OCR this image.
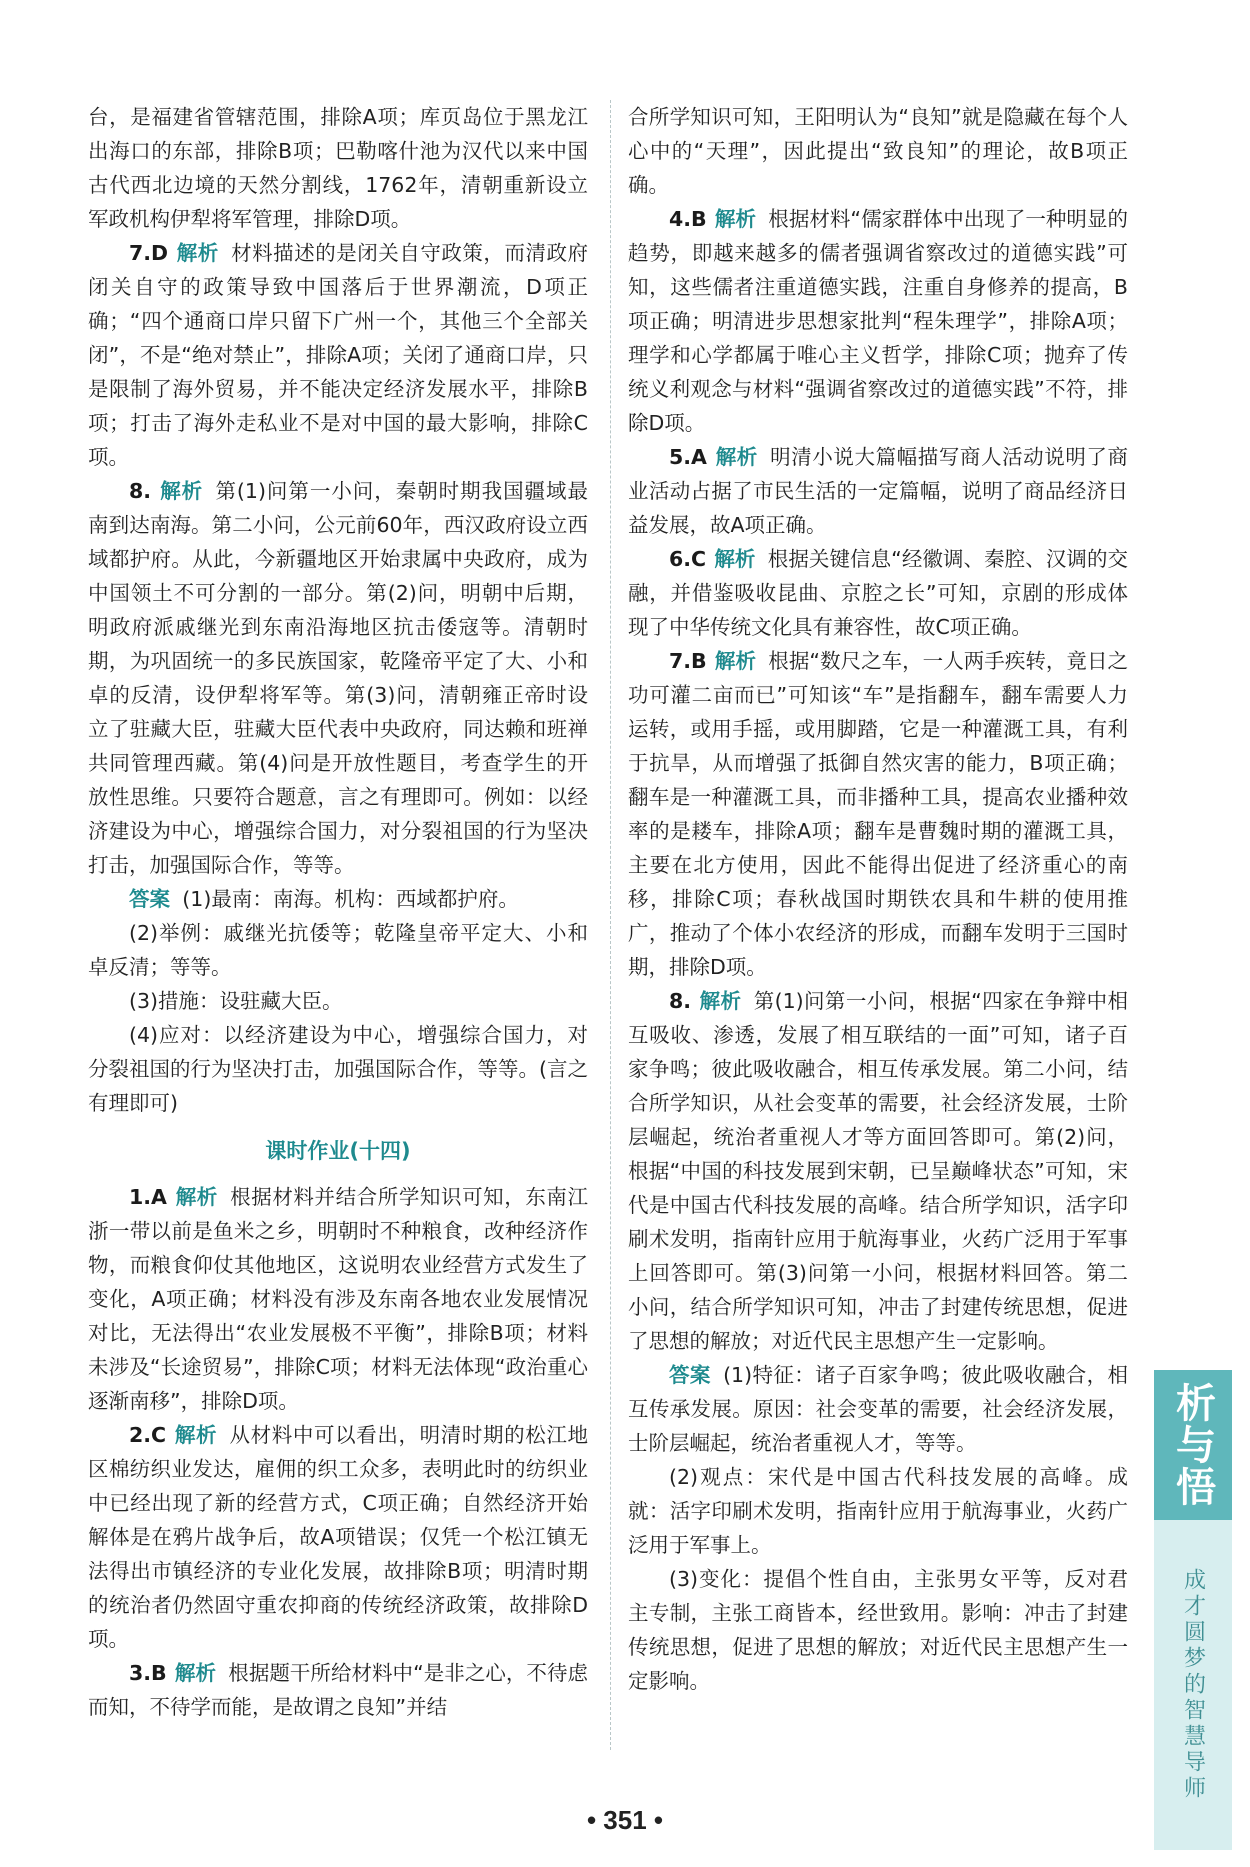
台，是福建省管辖范围，排除A项；库页岛位于黑龙江出海口的东部，排除B项；巴勒喀什池为汉代以来中国古代西北边境的天然分割线，1762年，清朝重新设立军政机构伊犁将军管理，排除D项。

7.D 解析 材料描述的是闭关自守政策，而清政府闭关自守的政策导致中国落后于世界潮流，D项正确；“四个通商口岸只留下广州一个，其他三个全部关闭”，不是“绝对禁止”，排除A项；关闭了通商口岸，只是限制了海外贸易，并不能决定经济发展水平，排除B项；打击了海外走私业不是对中国的最大影响，排除C项。

8. 解析 第(1)问第一小问，秦朝时期我国疆域最南到达南海。第二小问，公元前60年，西汉政府设立西域都护府。从此，今新疆地区开始隶属中央政府，成为中国领土不可分割的一部分。第(2)问，明朝中后期，明政府派戚继光到东南沿海地区抗击倭寇等。清朝时期，为巩固统一的多民族国家，乾隆帝平定了大、小和卓的反清，设伊犁将军等。第(3)问，清朝雍正帝时设立了驻藏大臣，驻藏大臣代表中央政府，同达赖和班禅共同管理西藏。第(4)问是开放性题目，考查学生的开放性思维。只要符合题意，言之有理即可。例如：以经济建设为中心，增强综合国力，对分裂祖国的行为坚决打击，加强国际合作，等等。

答案 (1)最南：南海。机构：西域都护府。

(2)举例：戚继光抗倭等；乾隆皇帝平定大、小和卓反清；等等。

(3)措施：设驻藏大臣。

(4)应对：以经济建设为中心，增强综合国力，对分裂祖国的行为坚决打击，加强国际合作，等等。(言之有理即可)

课时作业(十四)

1.A 解析 根据材料并结合所学知识可知，东南江浙一带以前是鱼米之乡，明朝时不种粮食，改种经济作物，而粮食仰仗其他地区，这说明农业经营方式发生了变化，A项正确；材料没有涉及东南各地农业发展情况对比，无法得出“农业发展极不平衡”，排除B项；材料未涉及“长途贸易”，排除C项；材料无法体现“政治重心逐渐南移”，排除D项。

2.C 解析 从材料中可以看出，明清时期的松江地区棉纺织业发达，雇佣的织工众多，表明此时的纺织业中已经出现了新的经营方式，C项正确；自然经济开始解体是在鸦片战争后，故A项错误；仅凭一个松江镇无法得出市镇经济的专业化发展，故排除B项；明清时期的统治者仍然固守重农抑商的传统经济政策，故排除D项。

3.B 解析 根据题干所给材料中“是非之心，不待虑而知，不待学而能，是故谓之良知”并结

合所学知识可知，王阳明认为“良知”就是隐藏在每个人心中的“天理”，因此提出“致良知”的理论，故B项正确。

4.B 解析 根据材料“儒家群体中出现了一种明显的趋势，即越来越多的儒者强调省察改过的道德实践”可知，这些儒者注重道德实践，注重自身修养的提高，B项正确；明清进步思想家批判“程朱理学”，排除A项；理学和心学都属于唯心主义哲学，排除C项；抛弃了传统义利观念与材料“强调省察改过的道德实践”不符，排除D项。

5.A 解析 明清小说大篇幅描写商人活动说明了商业活动占据了市民生活的一定篇幅，说明了商品经济日益发展，故A项正确。

6.C 解析 根据关键信息“经徽调、秦腔、汉调的交融，并借鉴吸收昆曲、京腔之长”可知，京剧的形成体现了中华传统文化具有兼容性，故C项正确。

7.B 解析 根据“数尺之车，一人两手疾转，竟日之功可灌二亩而已”可知该“车”是指翻车，翻车需要人力运转，或用手摇，或用脚踏，它是一种灌溉工具，有利于抗旱，从而增强了抵御自然灾害的能力，B项正确；翻车是一种灌溉工具，而非播种工具，提高农业播种效率的是耧车，排除A项；翻车是曹魏时期的灌溉工具，主要在北方使用，因此不能得出促进了经济重心的南移，排除C项；春秋战国时期铁农具和牛耕的使用推广，推动了个体小农经济的形成，而翻车发明于三国时期，排除D项。

8. 解析 第(1)问第一小问，根据“四家在争辩中相互吸收、渗透，发展了相互联结的一面”可知，诸子百家争鸣；彼此吸收融合，相互传承发展。第二小问，结合所学知识，从社会变革的需要，社会经济发展，士阶层崛起，统治者重视人才等方面回答即可。第(2)问，根据“中国的科技发展到宋朝，已呈巅峰状态”可知，宋代是中国古代科技发展的高峰。结合所学知识，活字印刷术发明，指南针应用于航海事业，火药广泛用于军事上回答即可。第(3)问第一小问，根据材料回答。第二小问，结合所学知识可知，冲击了封建传统思想，促进了思想的解放；对近代民主思想产生一定影响。

答案 (1)特征：诸子百家争鸣；彼此吸收融合，相互传承发展。原因：社会变革的需要，社会经济发展，士阶层崛起，统治者重视人才，等等。

(2)观点：宋代是中国古代科技发展的高峰。成就：活字印刷术发明，指南针应用于航海事业，火药广泛用于军事上。

(3)变化：提倡个性自由，主张男女平等，反对君主专制，主张工商皆本，经世致用。影响：冲击了封建传统思想，促进了思想的解放；对近代民主思想产生一定影响。

• 351 •
析与悟
成才圆梦的智慧导师
